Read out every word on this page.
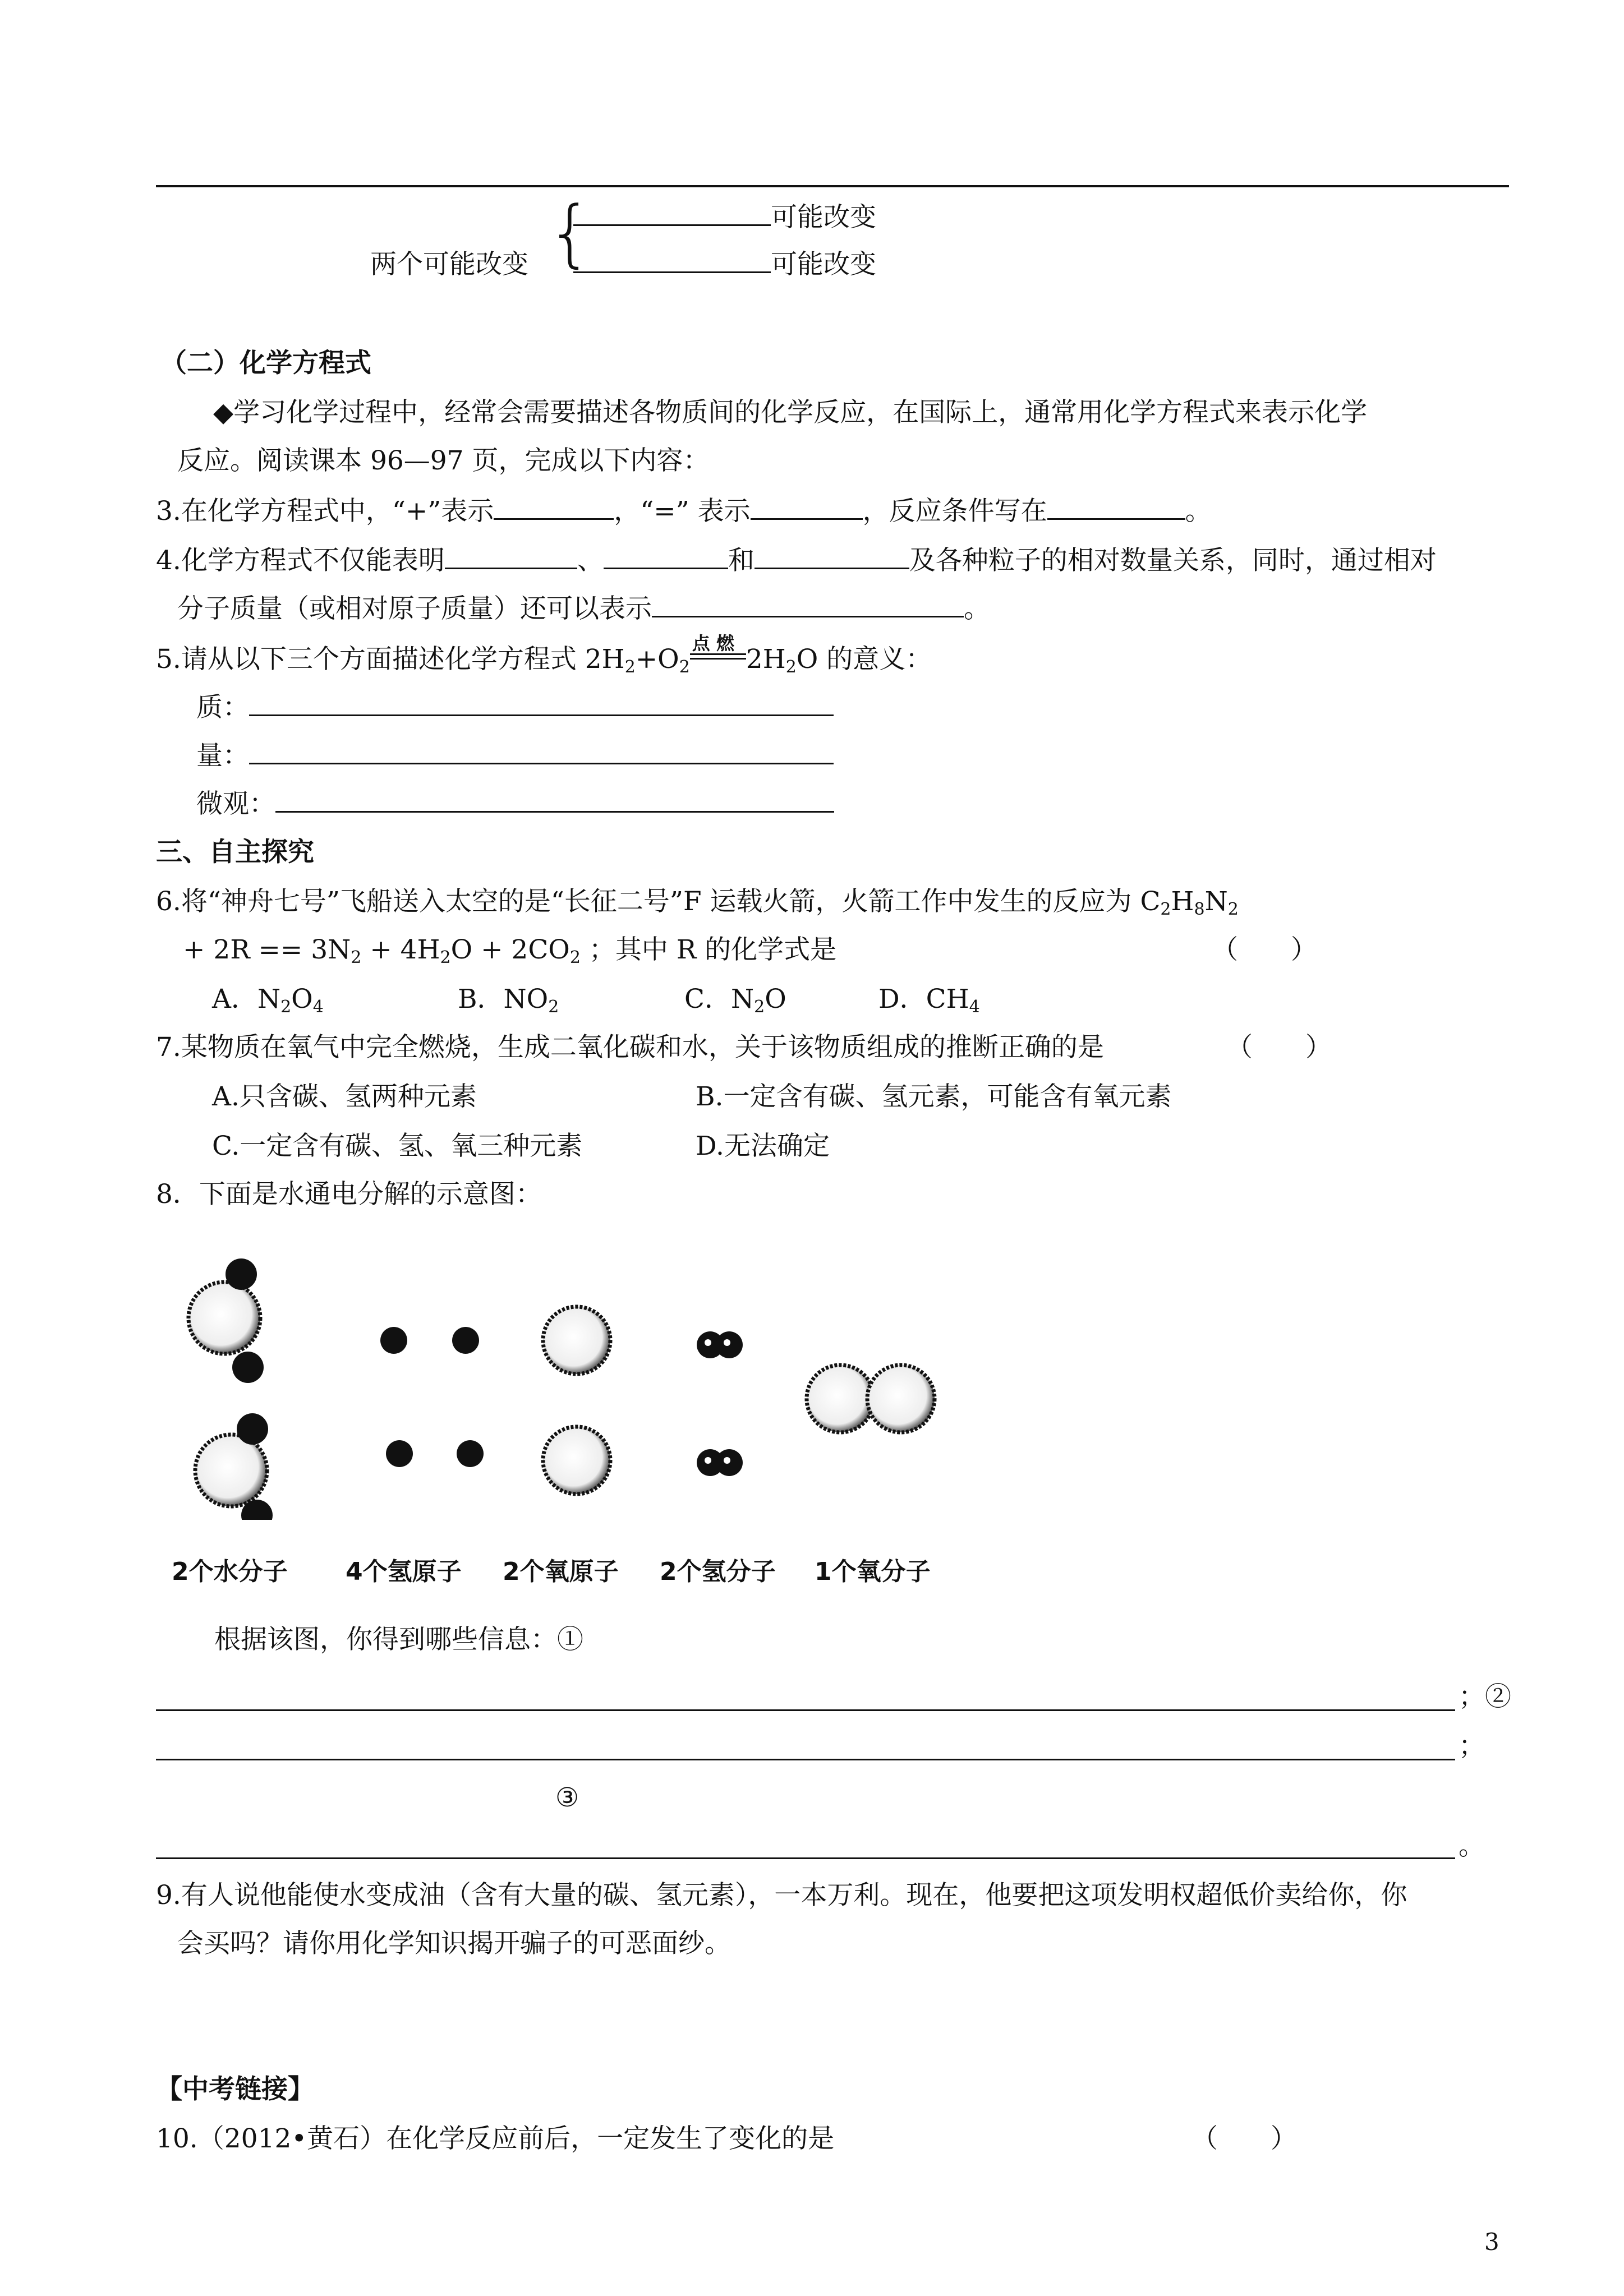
{	可能改变
两个可能改变	可能改变
（二）化学方程式
◆学习化学过程中，经常会需要描述各物质间的化学反应，在国际上，通常用化学方程式来表示化学
反应。阅读课本 96—97 页，完成以下内容：
3.在化学方程式中，“+”表示	，“=” 表示	，反应条件写在	。
4.化学方程式不仅能表明	、	和	及各种粒子的相对数量关系，同时，通过相对
分子质量（或相对原子质量）还可以表示	。
5.请从以下三个方面描述化学方程式 $2H_2+O_2$
点 燃
$2H_2O$ 的意义：
质：
量：
微观：
三、自主探究
6.将“神舟七号”飞船送入太空的是“长征二号”F 运载火箭，火箭工作中发生的反应为 $C_2H_8N_2$
+ $2R == 3N_2 + 4H_2O + 2CO_2$ ；其中 R 的化学式是	（　　）
A．$N_2O_4$	B．$NO_2$	C．$N_2O$	D．$CH_4$
7.某物质在氧气中完全燃烧，生成二氧化碳和水，关于该物质组成的推断正确的是	（　　）
A.只含碳、氢两种元素	B.一定含有碳、氢元素，可能含有氧元素
C.一定含有碳、氢、氧三种元素	D.无法确定
8．下面是水通电分解的示意图：
2个水分子 4个氢原子 2个氧原子 2个氢分子 1个氧分子
根据该图，你得到哪些信息：①
；②
；
③
。
9.有人说他能使水变成油（含有大量的碳、氢元素），一本万利。现在，他要把这项发明权超低价卖给你，你
会买吗？请你用化学知识揭开骗子的可恶面纱。
【中考链接】
10.（2012•黄石）在化学反应前后，一定发生了变化的是	（　　）
3
